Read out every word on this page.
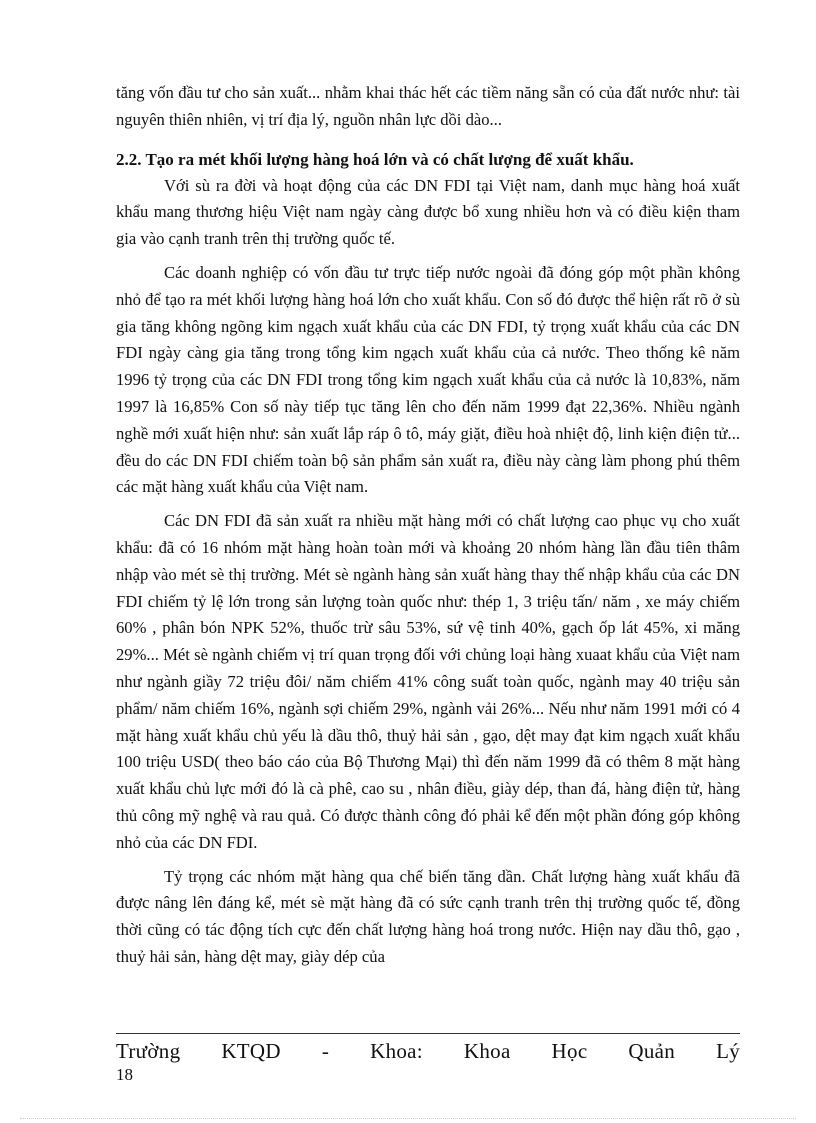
tăng vốn đầu tư cho sản xuất... nhằm khai thác hết các tiềm năng sẵn có của đất nước như: tài nguyên thiên nhiên, vị trí địa lý, nguồn nhân lực dồi dào...

2.2. Tạo ra mét khối lượng hàng hoá lớn và có chất lượng để xuất khẩu.

Với sù ra đời và hoạt động của các DN FDI tại Việt nam, danh mục hàng hoá xuất khẩu mang thương hiệu Việt nam ngày càng được bổ xung nhiều hơn và có điều kiện tham gia vào cạnh tranh trên thị trường quốc tế.

Các doanh nghiệp có vốn đầu tư trực tiếp nước ngoài đã đóng góp một phần không nhỏ để tạo ra mét khối lượng hàng hoá lớn cho xuất khẩu. Con số đó được thể hiện rất rõ ở sù gia tăng không ngõng kim ngạch xuất khẩu của các DN FDI, tỷ trọng xuất khẩu của các DN FDI ngày càng gia tăng trong tổng kim ngạch xuất khẩu của cả nước. Theo thống kê năm 1996 tỷ trọng của các DN FDI trong tổng kim ngạch xuất khẩu của cả nước là 10,83%, năm 1997 là 16,85% Con số này tiếp tục tăng lên cho đến năm 1999 đạt 22,36%. Nhiều ngành nghề mới xuất hiện như: sản xuất lắp ráp ô tô, máy giặt, điều hoà nhiệt độ, linh kiện điện tử... đều do các DN FDI chiếm toàn bộ sản phẩm sản xuất ra, điều này càng làm phong phú thêm các mặt hàng xuất khẩu của Việt nam.

Các DN FDI đã sản xuất ra nhiều mặt hàng mới có chất lượng cao phục vụ cho xuất khẩu: đã có 16 nhóm mặt hàng hoàn toàn mới và khoảng 20 nhóm hàng lần đầu tiên thâm nhập vào mét sè thị trường. Mét sè ngành hàng sản xuất hàng thay thế nhập khẩu của các DN FDI chiếm tỷ lệ lớn trong sản lượng toàn quốc như: thép 1, 3 triệu tấn/ năm , xe máy chiếm 60% , phân bón NPK 52%, thuốc trừ sâu 53%, sứ vệ tinh 40%, gạch ốp lát 45%, xi măng 29%... Mét sè ngành chiếm vị trí quan trọng đối với chủng loại hàng xuaat khẩu của Việt nam như ngành giầy 72 triệu đôi/ năm chiếm 41% công suất toàn quốc, ngành may 40 triệu sản phẩm/ năm chiếm 16%, ngành sợi chiếm 29%, ngành vải 26%... Nếu như năm 1991 mới có 4 mặt hàng xuất khẩu chủ yếu là dầu thô, thuỷ hải sản , gạo, dệt may đạt kim ngạch xuất khẩu 100 triệu USD( theo báo cáo của Bộ Thương Mại) thì đến năm 1999 đã có thêm 8 mặt hàng xuất khẩu chủ lực mới đó là cà phê, cao su , nhân điều, giày dép, than đá, hàng điện tử, hàng thủ công mỹ nghệ và rau quả. Có được thành công đó phải kể đến một phần đóng góp không nhỏ của các DN FDI.

Tỷ trọng các nhóm mặt hàng qua chế biến tăng dần. Chất lượng hàng xuất khẩu đã được nâng lên đáng kể, mét sè mặt hàng đã có sức cạnh tranh trên thị trường quốc tế, đồng thời cũng có tác động tích cực đến chất lượng hàng hoá trong nước. Hiện nay dầu thô, gạo , thuỷ hải sản, hàng dệt may, giày dép của

Trường KTQD - Khoa: Khoa Học Quản Lý
18
